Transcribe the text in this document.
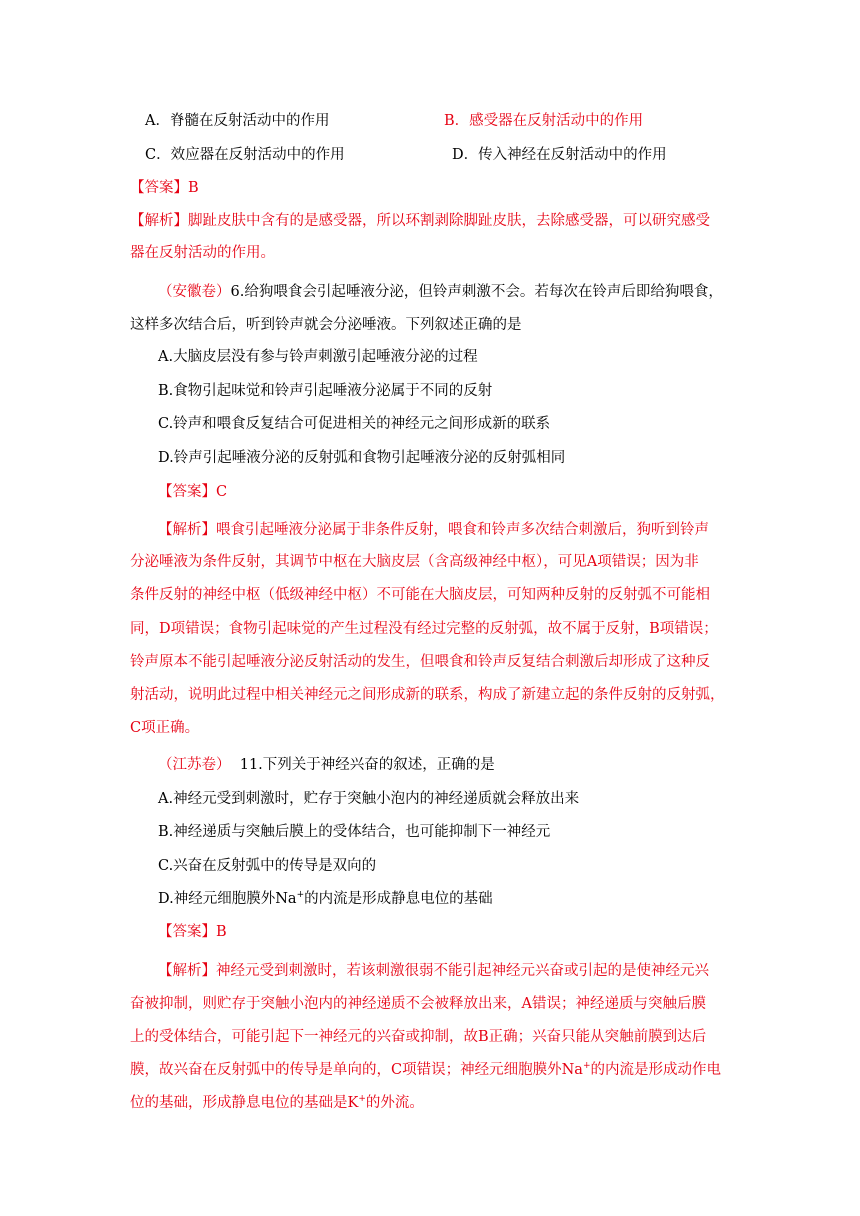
A．脊髓在反射活动中的作用	B．感受器在反射活动中的作用
C．效应器在反射活动中的作用	D．传入神经在反射活动中的作用
【答案】B
【解析】脚趾皮肤中含有的是感受器，所以环割剥除脚趾皮肤，去除感受器，可以研究感受
器在反射活动的作用。
（安徽卷）6.给狗喂食会引起唾液分泌，但铃声刺激不会。若每次在铃声后即给狗喂食，
这样多次结合后，听到铃声就会分泌唾液。下列叙述正确的是
A.大脑皮层没有参与铃声刺激引起唾液分泌的过程
B.食物引起味觉和铃声引起唾液分泌属于不同的反射
C.铃声和喂食反复结合可促进相关的神经元之间形成新的联系
D.铃声引起唾液分泌的反射弧和食物引起唾液分泌的反射弧相同
【答案】C
【解析】喂食引起唾液分泌属于非条件反射，喂食和铃声多次结合刺激后，狗听到铃声
分泌唾液为条件反射，其调节中枢在大脑皮层（含高级神经中枢），可见A项错误；因为非
条件反射的神经中枢（低级神经中枢）不可能在大脑皮层，可知两种反射的反射弧不可能相
同，D项错误；食物引起味觉的产生过程没有经过完整的反射弧，故不属于反射，B项错误；
铃声原本不能引起唾液分泌反射活动的发生，但喂食和铃声反复结合刺激后却形成了这种反
射活动，说明此过程中相关神经元之间形成新的联系，构成了新建立起的条件反射的反射弧，
C项正确。
（江苏卷）  11.下列关于神经兴奋的叙述，正确的是
A.神经元受到刺激时，贮存于突触小泡内的神经递质就会释放出来
B.神经递质与突触后膜上的受体结合，也可能抑制下一神经元
C.兴奋在反射弧中的传导是双向的
D.神经元细胞膜外Na+的内流是形成静息电位的基础
【答案】B
【解析】神经元受到刺激时，若该刺激很弱不能引起神经元兴奋或引起的是使神经元兴
奋被抑制，则贮存于突触小泡内的神经递质不会被释放出来，A错误；神经递质与突触后膜
上的受体结合，可能引起下一神经元的兴奋或抑制，故B正确；兴奋只能从突触前膜到达后
膜，故兴奋在反射弧中的传导是单向的，C项错误；神经元细胞膜外Na+的内流是形成动作电
位的基础，形成静息电位的基础是K+的外流。
